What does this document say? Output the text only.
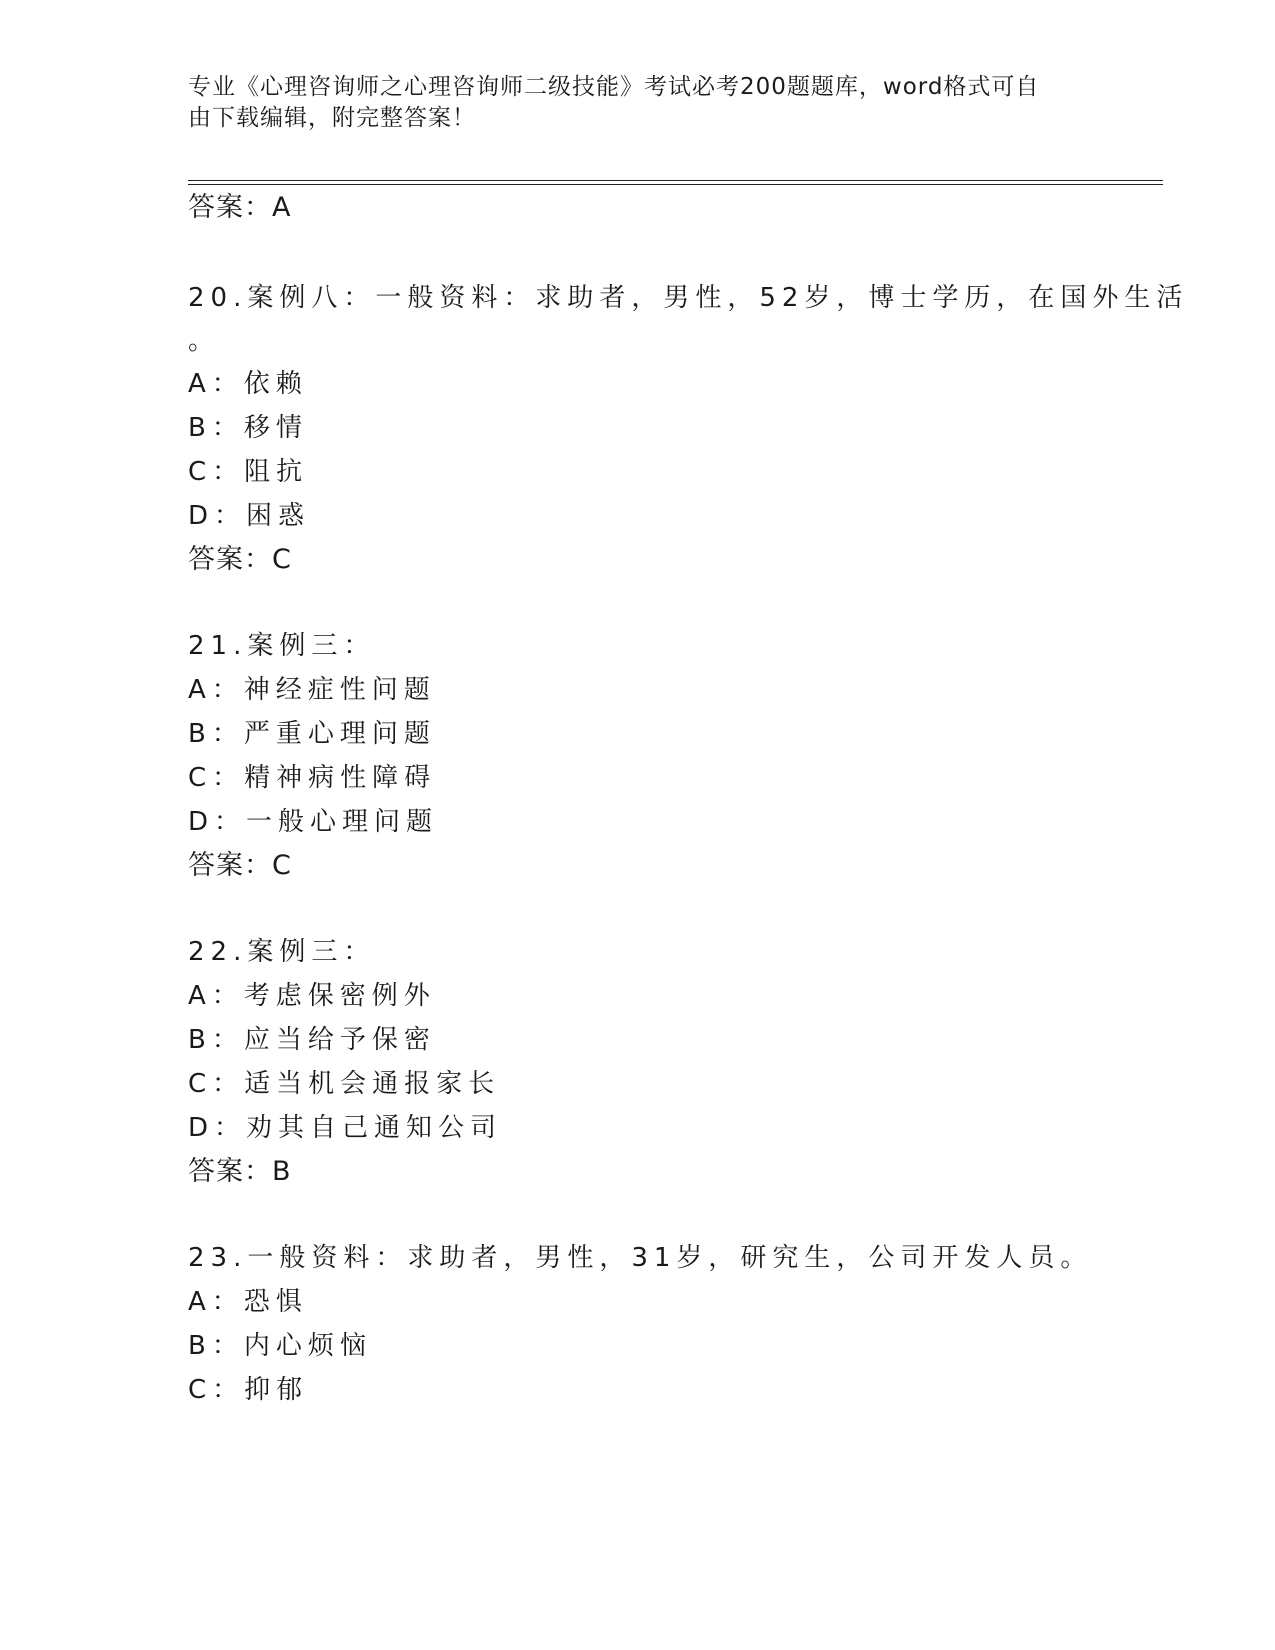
专业《心理咨询师之心理咨询师二级技能》考试必考200题题库，word格式可自
由下载编辑，附完整答案！
答案：A
20.案例八：一般资料：求助者，男性，52岁，博士学历，在国外生活
。
A：依赖
B：移情
C：阻抗
D：困惑
答案：C
21.案例三：
A：神经症性问题
B：严重心理问题
C：精神病性障碍
D：一般心理问题
答案：C
22.案例三：
A：考虑保密例外
B：应当给予保密
C：适当机会通报家长
D：劝其自己通知公司
答案：B
23.一般资料：求助者，男性，31岁，研究生，公司开发人员。
A：恐惧
B：内心烦恼
C：抑郁
